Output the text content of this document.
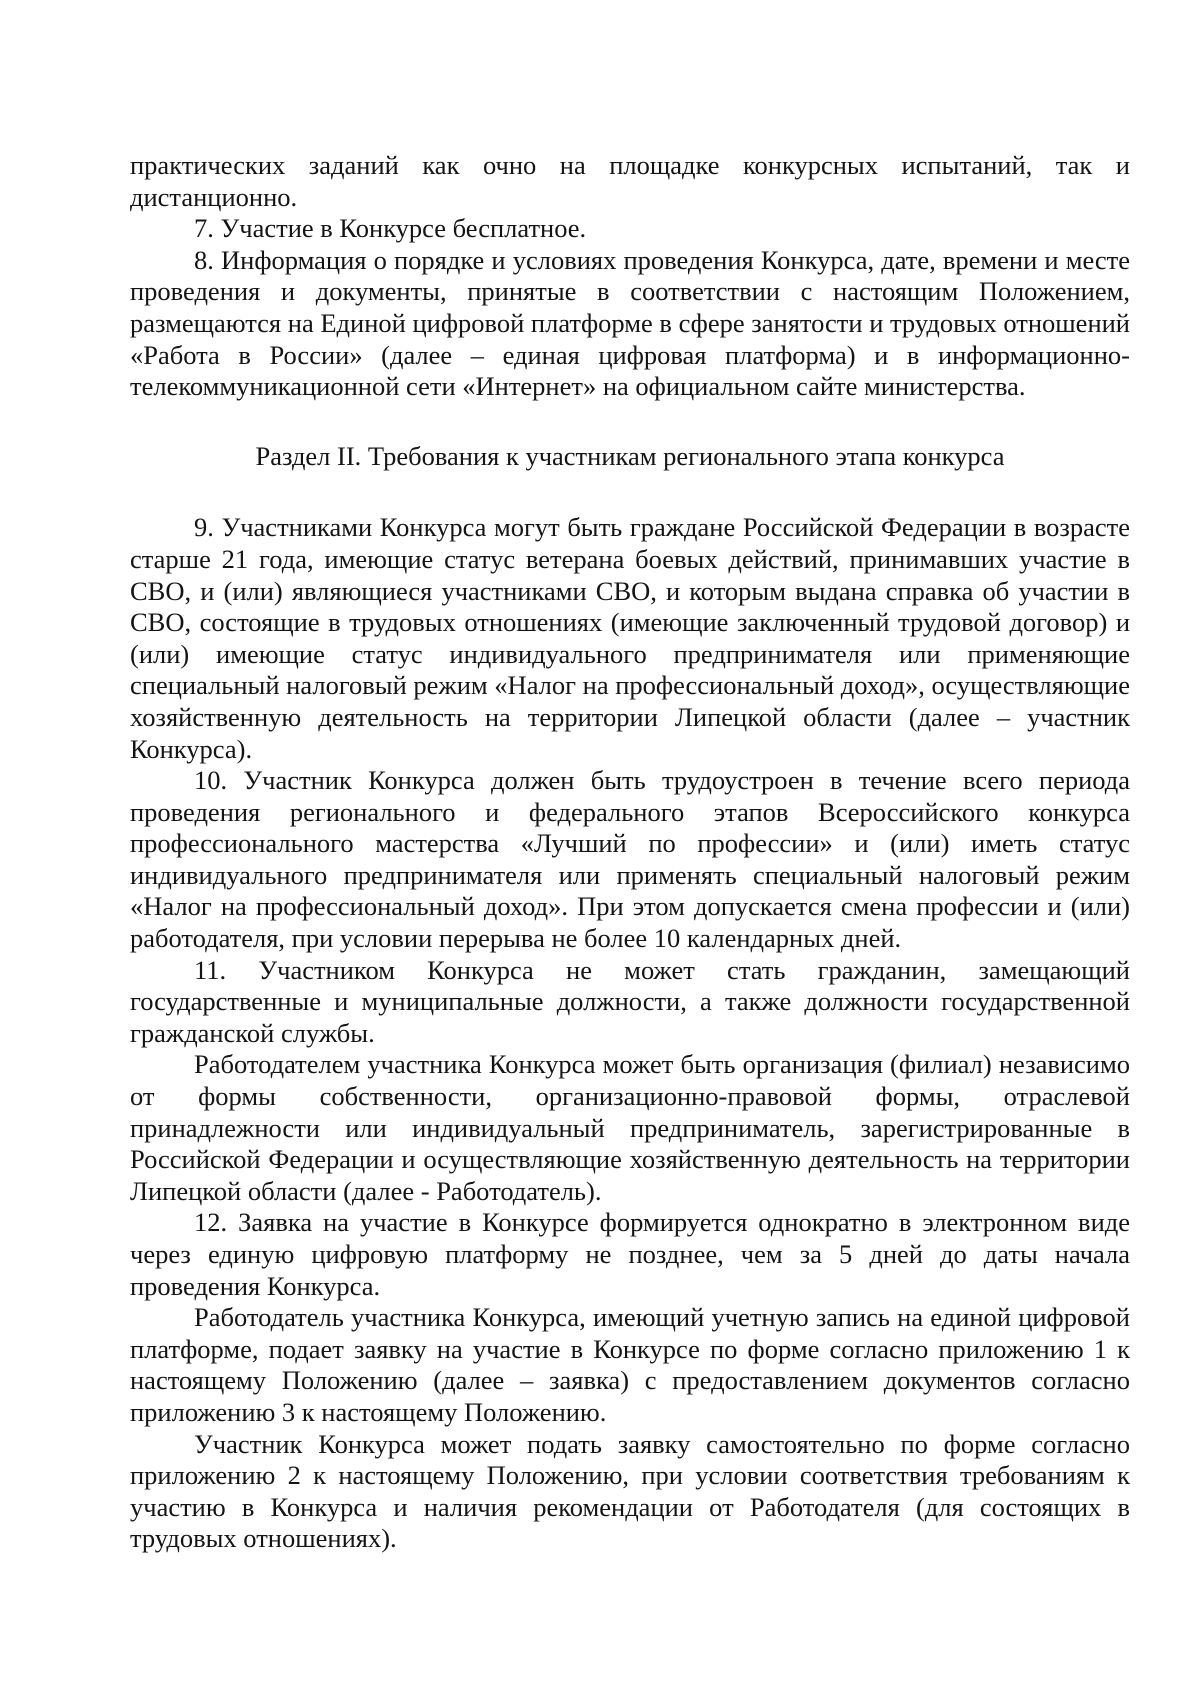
практических заданий как очно на площадке конкурсных испытаний, так и дистанционно.

7. Участие в Конкурсе бесплатное.

8. Информация о порядке и условиях проведения Конкурса, дате, времени и месте проведения и документы, принятые в соответствии с настоящим Положением, размещаются на Единой цифровой платформе в сфере занятости и трудовых отношений «Работа в России» (далее – единая цифровая платформа) и в информационно-телекоммуникационной сети «Интернет» на официальном сайте министерства.

Раздел II. Требования к участникам регионального этапа конкурса

9. Участниками Конкурса могут быть граждане Российской Федерации в возрасте старше 21 года, имеющие статус ветерана боевых действий, принимавших участие в СВО, и (или) являющиеся участниками СВО, и которым выдана справка об участии в СВО, состоящие в трудовых отношениях (имеющие заключенный трудовой договор) и (или) имеющие статус индивидуального предпринимателя или применяющие специальный налоговый режим «Налог на профессиональный доход», осуществляющие хозяйственную деятельность на территории Липецкой области (далее – участник Конкурса).

10. Участник Конкурса должен быть трудоустроен в течение всего периода проведения регионального и федерального этапов Всероссийского конкурса профессионального мастерства «Лучший по профессии» и (или) иметь статус индивидуального предпринимателя или применять специальный налоговый режим «Налог на профессиональный доход». При этом допускается смена профессии и (или) работодателя, при условии перерыва не более 10 календарных дней.

11. Участником Конкурса не может стать гражданин, замещающий государственные и муниципальные должности, а также должности государственной гражданской службы.

Работодателем участника Конкурса может быть организация (филиал) независимо от формы собственности, организационно-правовой формы, отраслевой принадлежности или индивидуальный предприниматель, зарегистрированные в Российской Федерации и осуществляющие хозяйственную деятельность на территории Липецкой области (далее - Работодатель).

12. Заявка на участие в Конкурсе формируется однократно в электронном виде через единую цифровую платформу не позднее, чем за 5 дней до даты начала проведения Конкурса.

Работодатель участника Конкурса, имеющий учетную запись на единой цифровой платформе, подает заявку на участие в Конкурсе по форме согласно приложению 1 к настоящему Положению (далее – заявка) с предоставлением документов согласно приложению 3 к настоящему Положению.

Участник Конкурса может подать заявку самостоятельно по форме согласно приложению 2 к настоящему Положению, при условии соответствия требованиям к участию в Конкурса и наличия рекомендации от Работодателя (для состоящих в трудовых отношениях).
